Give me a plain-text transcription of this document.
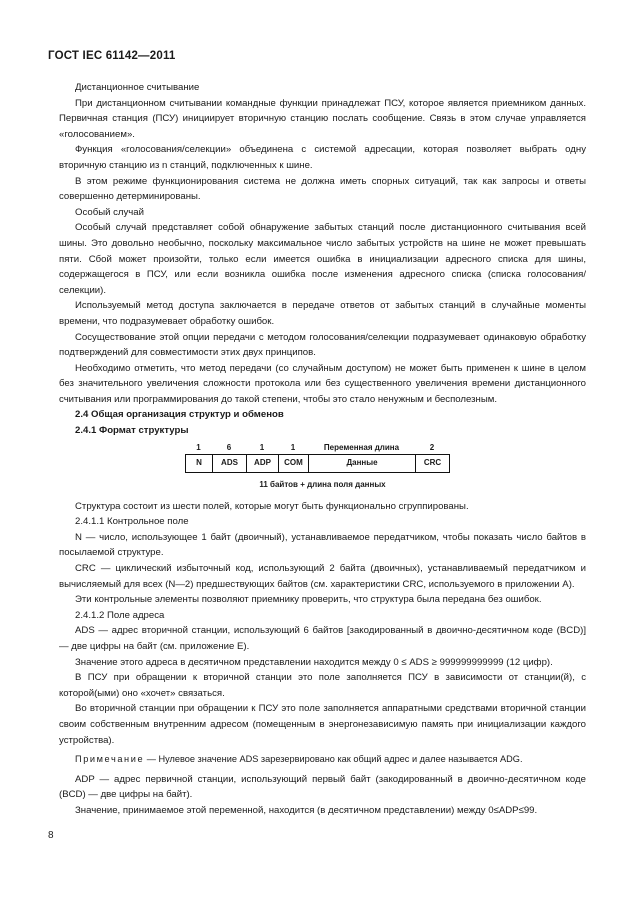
ГОСТ IEC 61142—2011

Дистанционное считывание

При дистанционном считывании командные функции принадлежат ПСУ, которое является приемником данных. Первичная станция (ПСУ) инициирует вторичную станцию послать сообщение. Связь в этом случае управляется «голосованием».

Функция «голосования/селекции» объединена с системой адресации, которая позволяет выбрать одну вторичную станцию из n станций, подключенных к шине.

В этом режиме функционирования система не должна иметь спорных ситуаций, так как запросы и ответы совершенно детерминированы.

Особый случай

Особый случай представляет собой обнаружение забытых станций после дистанционного считывания всей шины. Это довольно необычно, поскольку максимальное число забытых устройств на шине не может превышать пяти. Сбой может произойти, только если имеется ошибка в инициализации адресного списка для шины, содержащегося в ПСУ, или если возникла ошибка после изменения адресного списка (списка голосования/селекции).

Используемый метод доступа заключается в передаче ответов от забытых станций в случайные моменты времени, что подразумевает обработку ошибок.

Сосуществование этой опции передачи с методом голосования/селекции подразумевает одинаковую обработку подтверждений для совместимости этих двух принципов.

Необходимо отметить, что метод передачи (со случайным доступом) не может быть применен к шине в целом без значительного увеличения сложности протокола или без существенного увеличения времени дистанционного считывания или программирования до такой степени, чтобы это стало ненужным и бесполезным.

2.4 Общая организация структур и обменов

2.4.1 Формат структуры

1	6	1	1	Переменная длина	2
N	ADS	ADP	COM	Данные	CRC
11 байтов + длина поля данных

Структура состоит из шести полей, которые могут быть функционально сгруппированы.

2.4.1.1 Контрольное поле

N — число, использующее 1 байт (двоичный), устанавливаемое передатчиком, чтобы показать число байтов в посылаемой структуре.

CRC — циклический избыточный код, использующий 2 байта (двоичных), устанавливаемый передатчиком и вычисляемый для всех (N—2) предшествующих байтов (см. характеристики CRC, используемого в приложении А).

Эти контрольные элементы позволяют приемнику проверить, что структура была передана без ошибок.

2.4.1.2 Поле адреса

ADS — адрес вторичной станции, использующий 6 байтов [закодированный в двоично-десятичном коде (BCD)] — две цифры на байт (см. приложение Е).

Значение этого адреса в десятичном представлении находится между 0 ≤ ADS ≥ 999999999999 (12 цифр).

В ПСУ при обращении к вторичной станции это поле заполняется ПСУ в зависимости от станции(й), с которой(ыми) оно «хочет» связаться.

Во вторичной станции при обращении к ПСУ это поле заполняется аппаратными средствами вторичной станции своим собственным внутренним адресом (помещенным в энергонезависимую память при инициализации каждого устройства).

Примечание — Нулевое значение ADS зарезервировано как общий адрес и далее называется ADG.

ADP — адрес первичной станции, использующий первый байт (закодированный в двоично-десятичном коде (BCD) — две цифры на байт).

Значение, принимаемое этой переменной, находится (в десятичном представлении) между 0≤ADP≤99.

8
